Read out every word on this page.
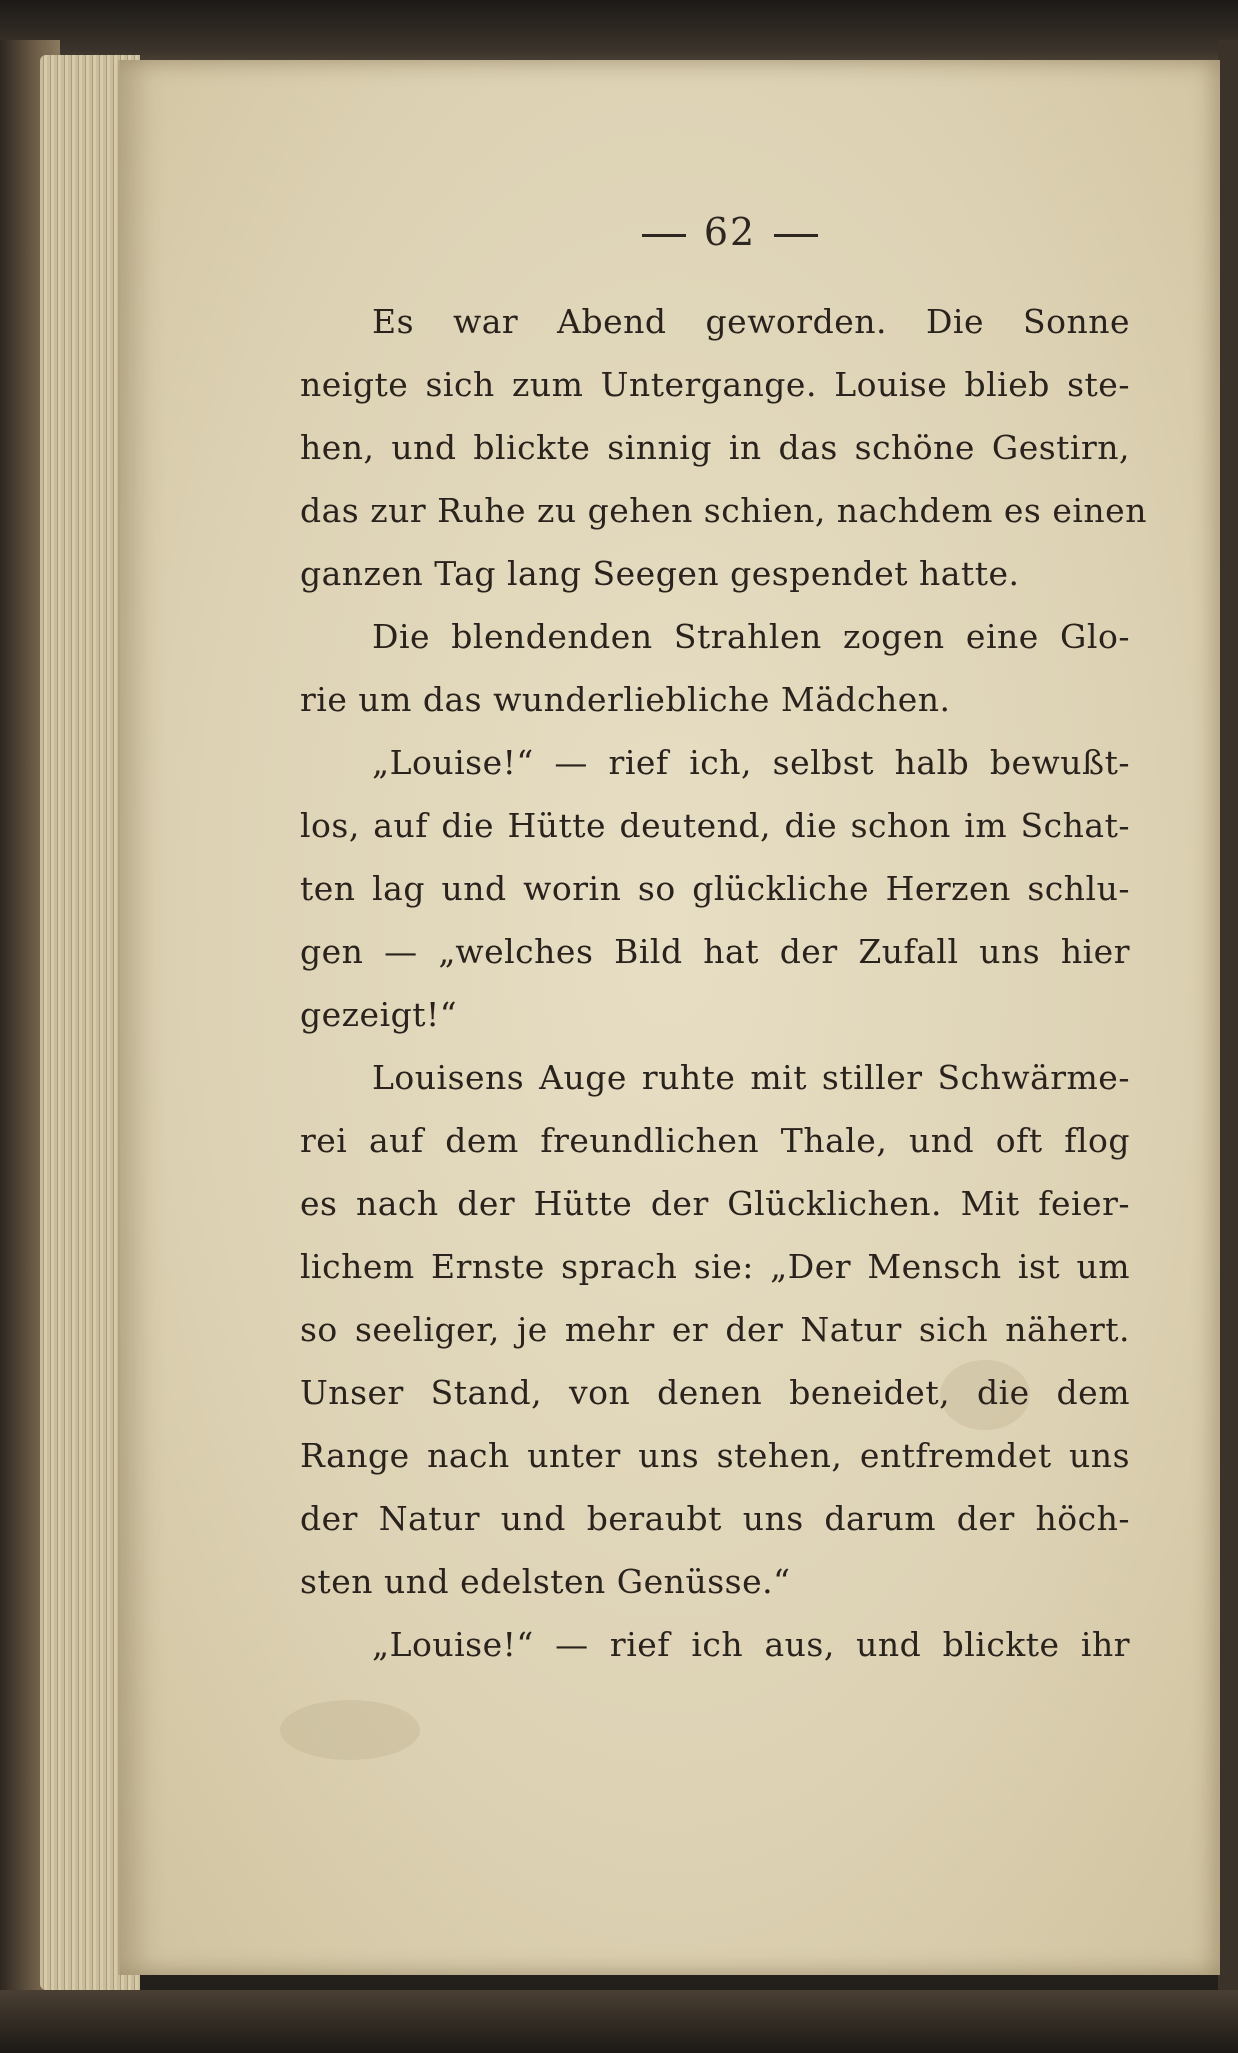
62
Es war Abend geworden. Die Sonne
neigte sich zum Untergange. Louise blieb ste-
hen, und blickte sinnig in das schöne Gestirn,
das zur Ruhe zu gehen schien, nachdem es einen
ganzen Tag lang Seegen gespendet hatte.
Die blendenden Strahlen zogen eine Glo-
rie um das wunderliebliche Mädchen.
„Louise!“ — rief ich, selbst halb bewußt-
los, auf die Hütte deutend, die schon im Schat-
ten lag und worin so glückliche Herzen schlu-
gen — „welches Bild hat der Zufall uns hier
gezeigt!“
Louisens Auge ruhte mit stiller Schwärme-
rei auf dem freundlichen Thale, und oft flog
es nach der Hütte der Glücklichen. Mit feier-
lichem Ernste sprach sie: „Der Mensch ist um
so seeliger, je mehr er der Natur sich nähert.
Unser Stand, von denen beneidet, die dem
Range nach unter uns stehen, entfremdet uns
der Natur und beraubt uns darum der höch-
sten und edelsten Genüsse.“
„Louise!“ — rief ich aus, und blickte ihr
